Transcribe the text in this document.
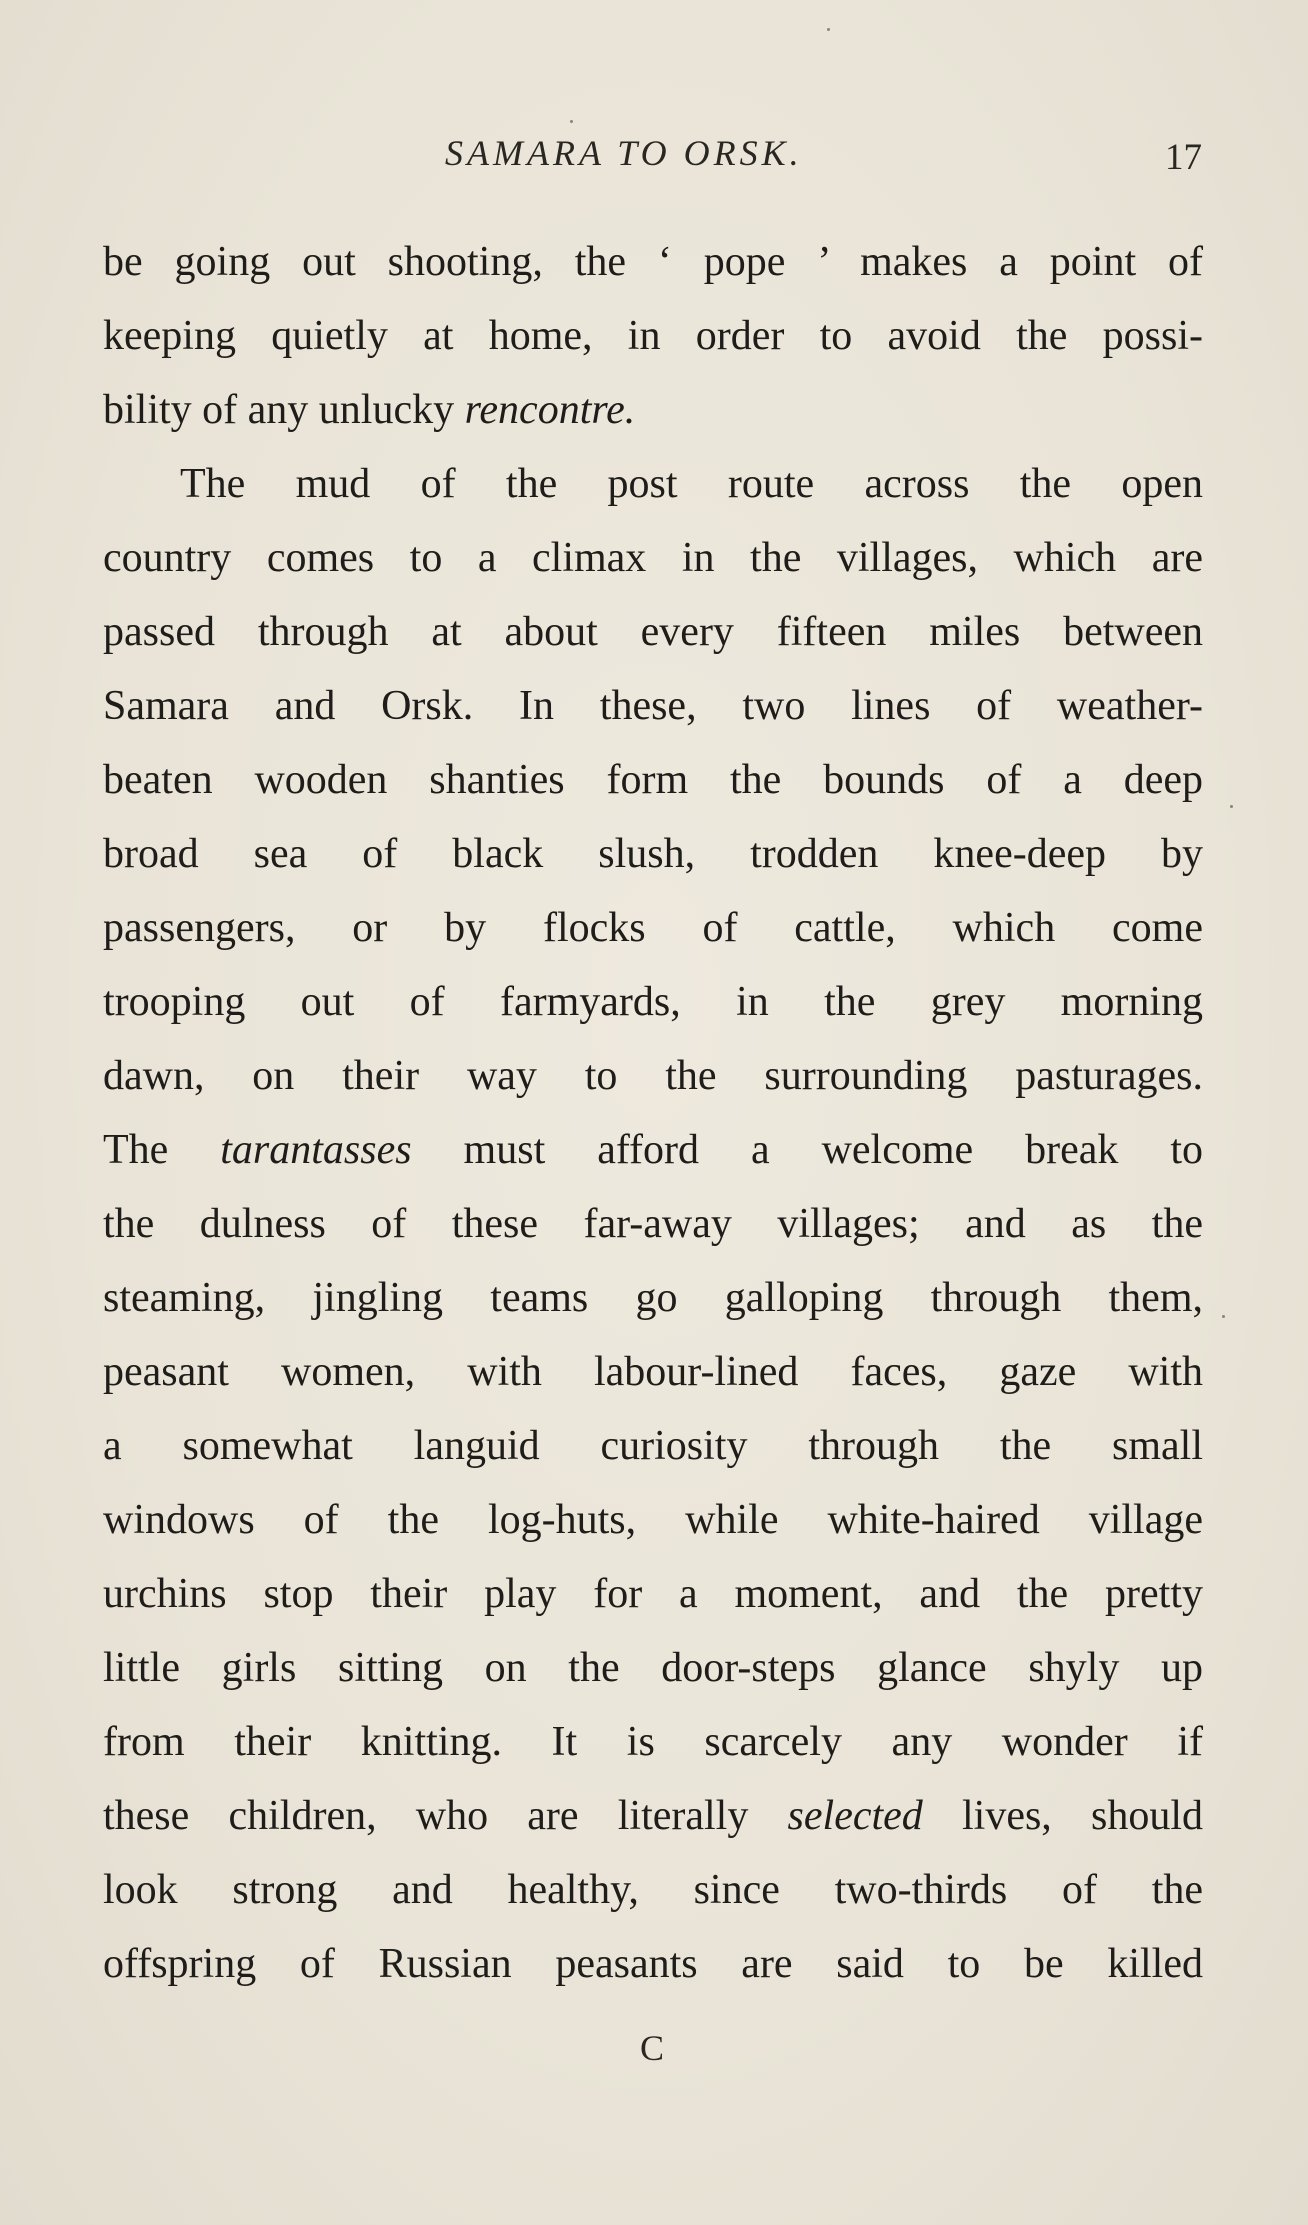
SAMARA TO ORSK.	17
be going out shooting, the ‘ pope ’ makes a point of
keeping quietly at home, in order to avoid the possi-
bility of any unlucky rencontre.
The mud of the post route across the open
country comes to a climax in the villages, which are
passed through at about every fifteen miles between
Samara and Orsk. In these, two lines of weather-
beaten wooden shanties form the bounds of a deep
broad sea of black slush, trodden knee-deep by
passengers, or by flocks of cattle, which come
trooping out of farmyards, in the grey morning
dawn, on their way to the surrounding pasturages.
The tarantasses must afford a welcome break to
the dulness of these far-away villages; and as the
steaming, jingling teams go galloping through them,
peasant women, with labour-lined faces, gaze with
a somewhat languid curiosity through the small
windows of the log-huts, while white-haired village
urchins stop their play for a moment, and the pretty
little girls sitting on the door-steps glance shyly up
from their knitting. It is scarcely any wonder if
these children, who are literally selected lives, should
look strong and healthy, since two-thirds of the
offspring of Russian peasants are said to be killed
C
